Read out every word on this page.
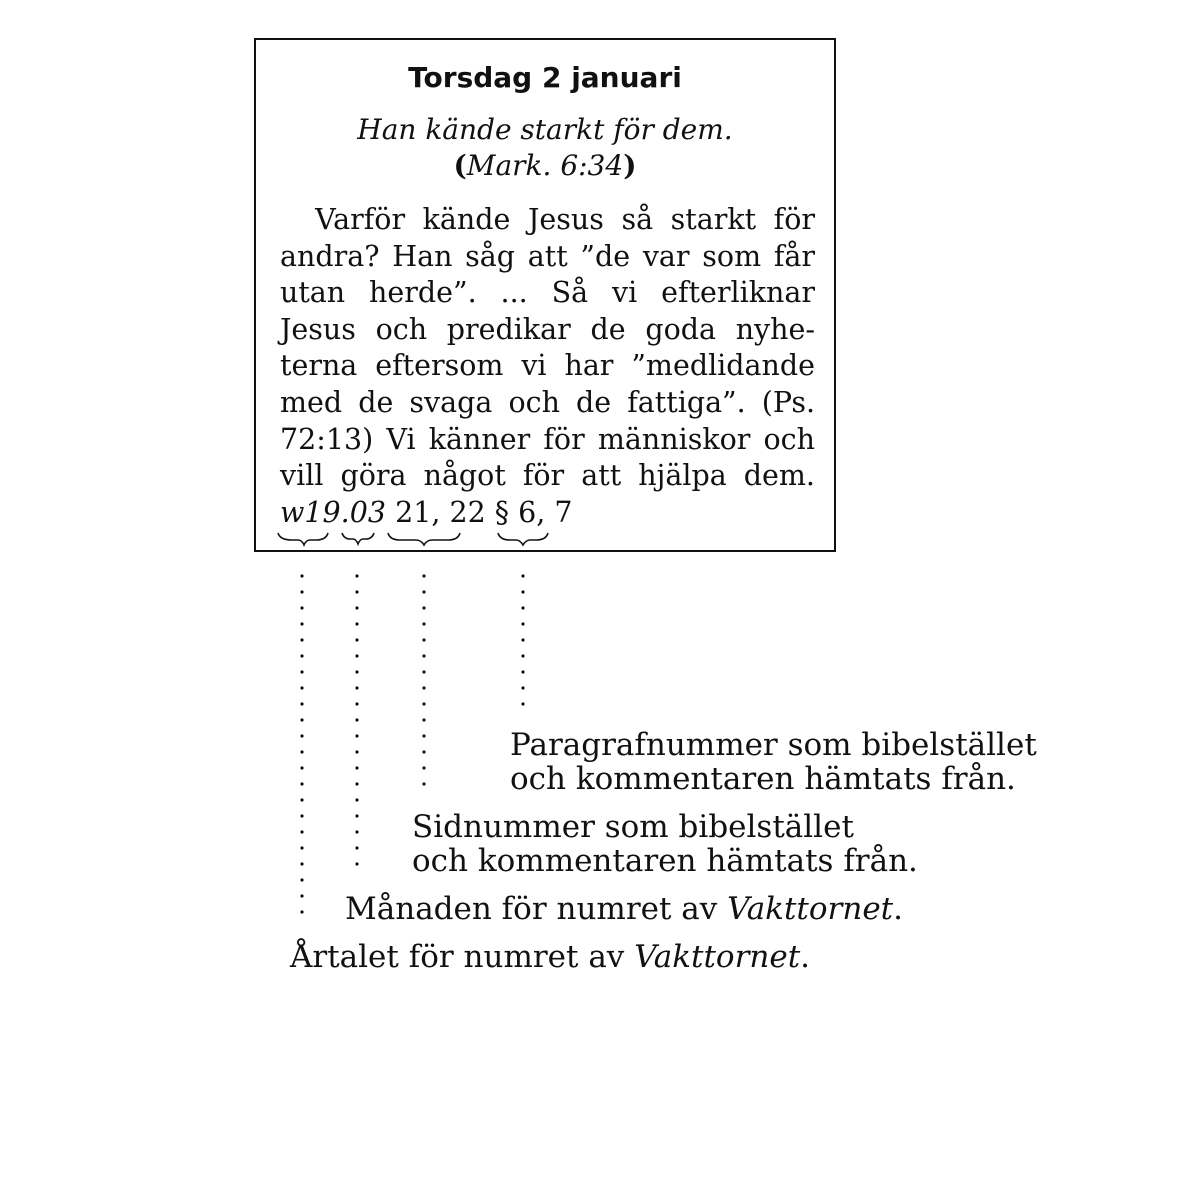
Torsdag 2 januari
Han kände starkt för dem.
(Mark. 6:34)
Varför kände Jesus så starkt för
andra? Han såg att ”de var som får
utan herde”. ... Så vi efterliknar
Jesus och predikar de goda nyhe-
terna eftersom vi har ”medlidande
med de svaga och de fattiga”. (Ps.
72:13) Vi känner för människor och
vill göra något för att hjälpa dem.
w19.03 21, 22 § 6, 7
Paragrafnummer som bibelstället
och kommentaren hämtats från.
Sidnummer som bibelstället
och kommentaren hämtats från.
Månaden för numret av Vakttornet.
Årtalet för numret av Vakttornet.
